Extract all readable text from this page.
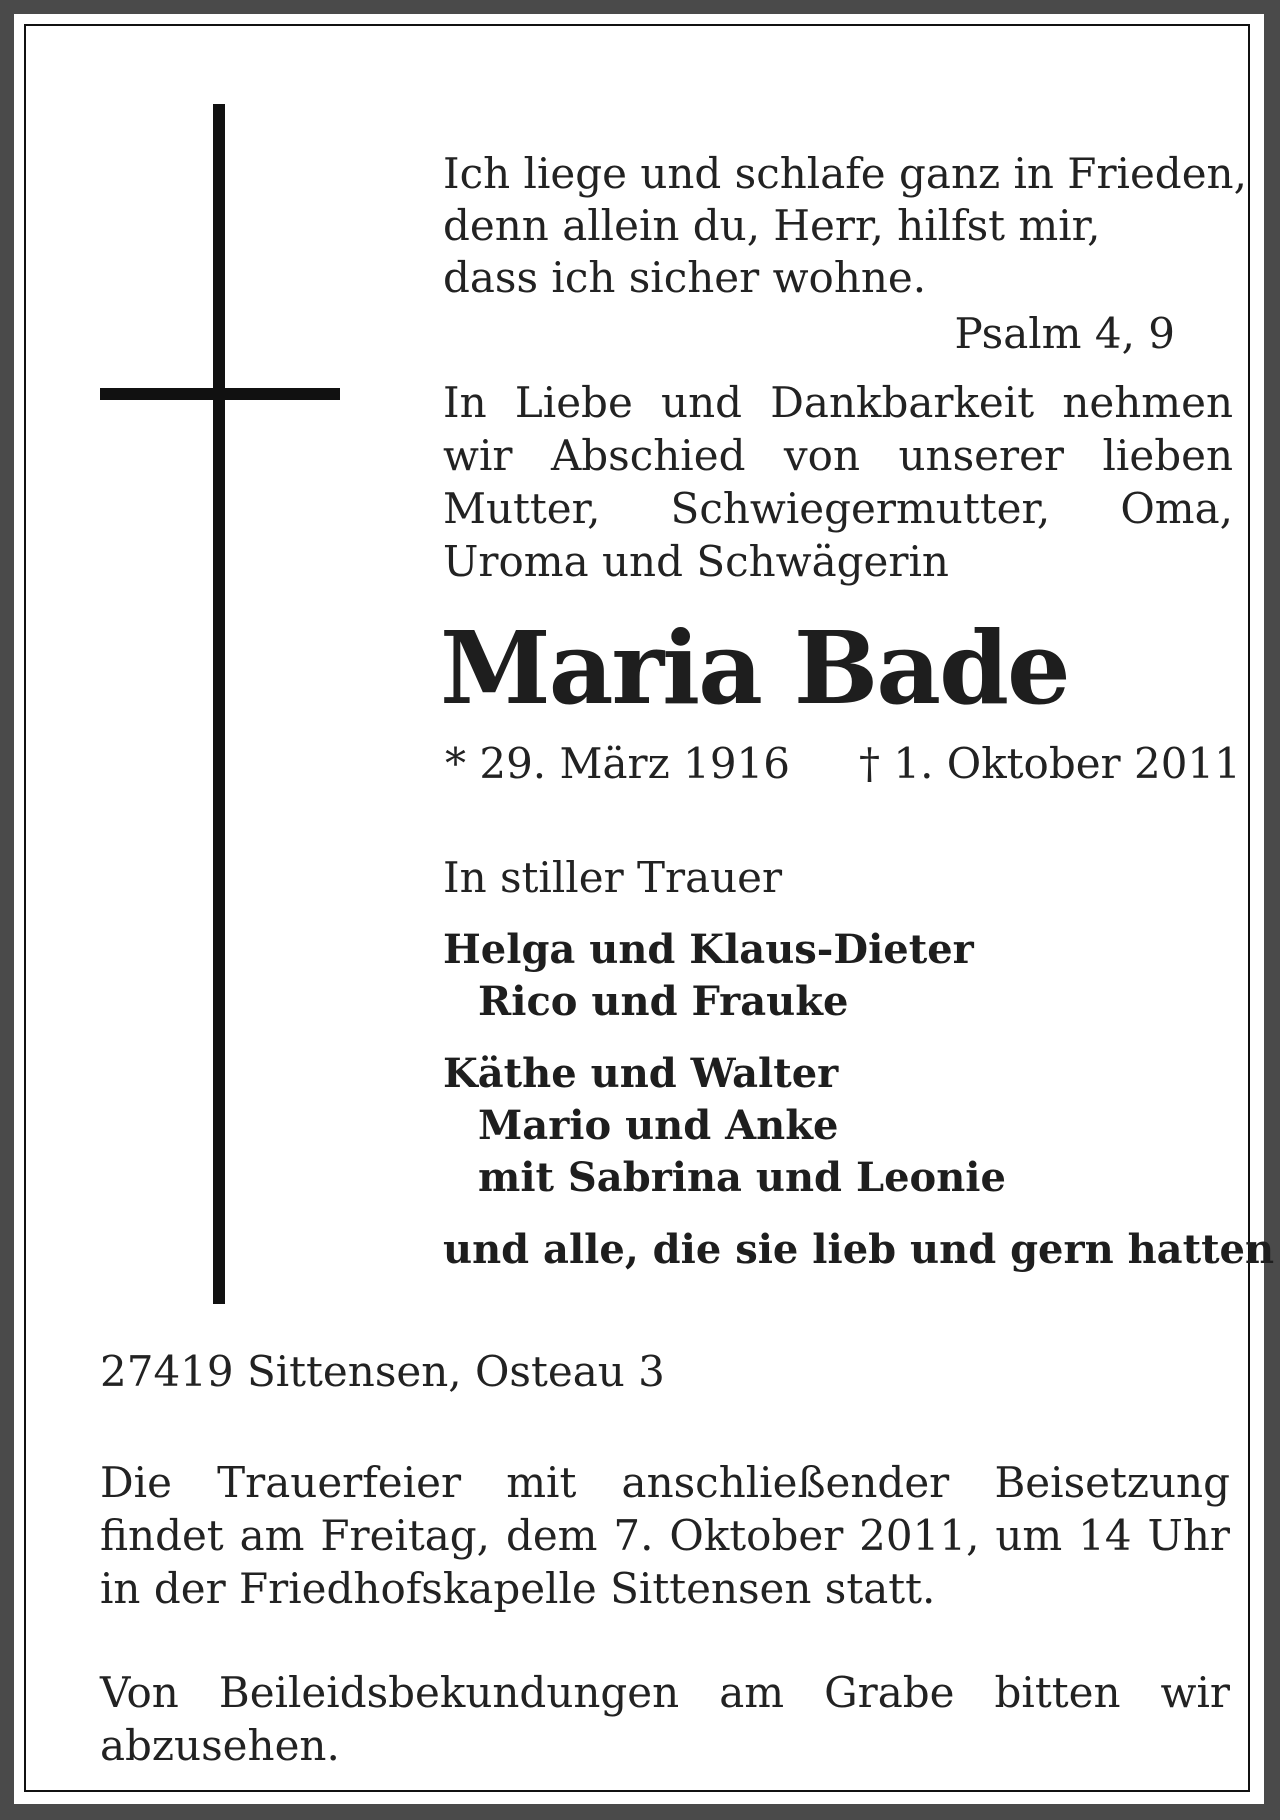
Ich liege und schlafe ganz in Frieden,
denn allein du, Herr, hilfst mir,
dass ich sicher wohne.
Psalm 4, 9
In Liebe und Dankbarkeit nehmen wir Abschied von unserer lieben Mutter, Schwiegermutter, Oma, Uroma und Schwägerin
Maria Bade
* 29. März 1916 † 1. Oktober 2011
In stiller Trauer
Helga und Klaus-Dieter
Rico und Frauke
Käthe und Walter
Mario und Anke
mit Sabrina und Leonie
und alle, die sie lieb und gern hatten
27419 Sittensen, Osteau 3
Die Trauerfeier mit anschließender Beisetzung findet am Freitag, dem 7. Oktober 2011, um 14 Uhr in der Friedhofskapelle Sittensen statt.
Von Beileidsbekundungen am Grabe bitten wir abzusehen.
